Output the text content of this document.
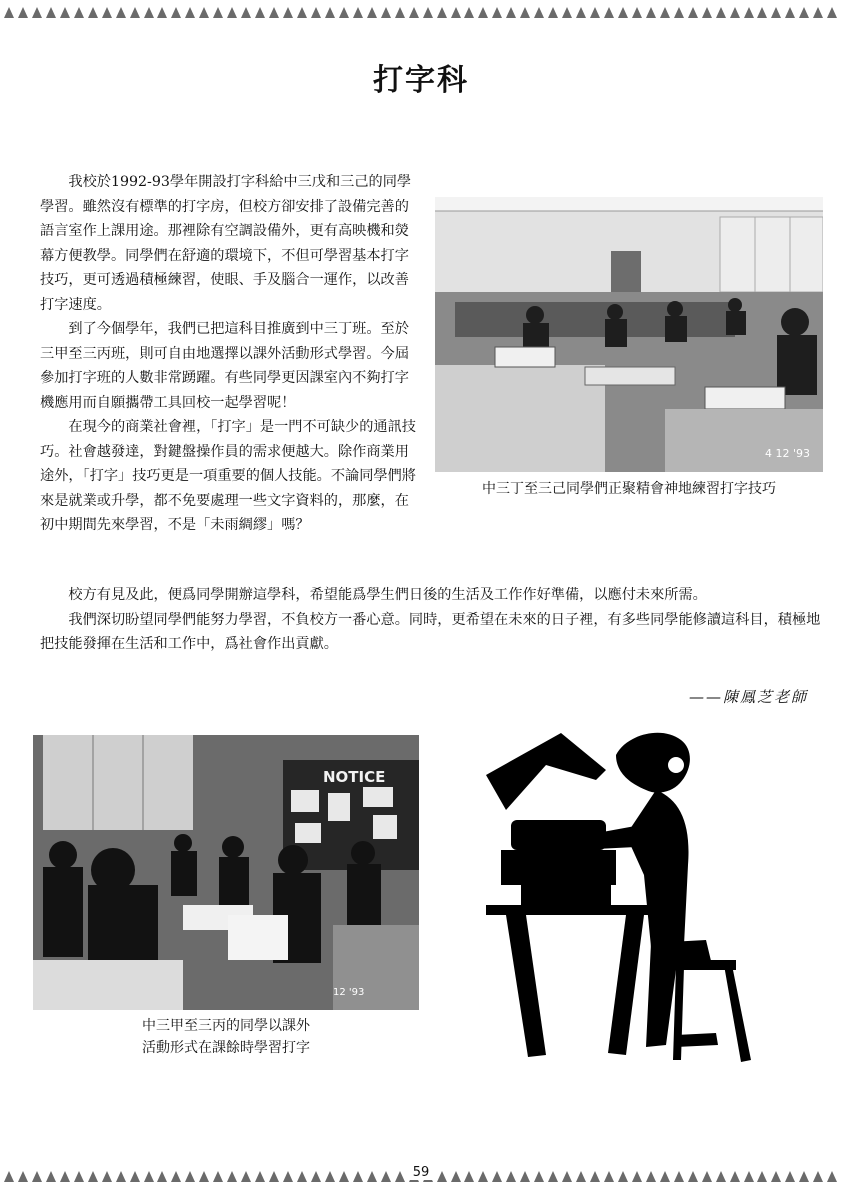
打字科

我校於1992-93學年開設打字科給中三戊和三己的同學學習。雖然沒有標準的打字房，但校方卻安排了設備完善的語言室作上課用途。那裡除有空調設備外，更有高映機和熒幕方便教學。同學們在舒適的環境下，不但可學習基本打字技巧，更可透過積極練習，使眼、手及腦合一運作，以改善打字速度。

到了今個學年，我們已把這科目推廣到中三丁班。至於三甲至三丙班，則可自由地選擇以課外活動形式學習。今屆參加打字班的人數非常踴躍。有些同學更因課室內不夠打字機應用而自願攜帶工具回校一起學習呢！

在現今的商業社會裡，「打字」是一門不可缺少的通訊技巧。社會越發達，對鍵盤操作員的需求便越大。除作商業用途外，「打字」技巧更是一項重要的個人技能。不論同學們將來是就業或升學，都不免要處理一些文字資料的，那麼，在初中期間先來學習，不是「未雨綢繆」嗎？

校方有見及此，便爲同學開辦這學科，希望能爲學生們日後的生活及工作作好準備，以應付未來所需。

我們深切盼望同學們能努力學習，不負校方一番心意。同時，更希望在未來的日子裡，有多些同學能修讀這科目，積極地把技能發揮在生活和工作中，爲社會作出貢獻。

——陳鳳芝老師
4 12 '93
中三丁至三己同學們正聚精會神地練習打字技巧
NOTICE
12 '93
中三甲至三丙的同學以課外
活動形式在課餘時學習打字
59
